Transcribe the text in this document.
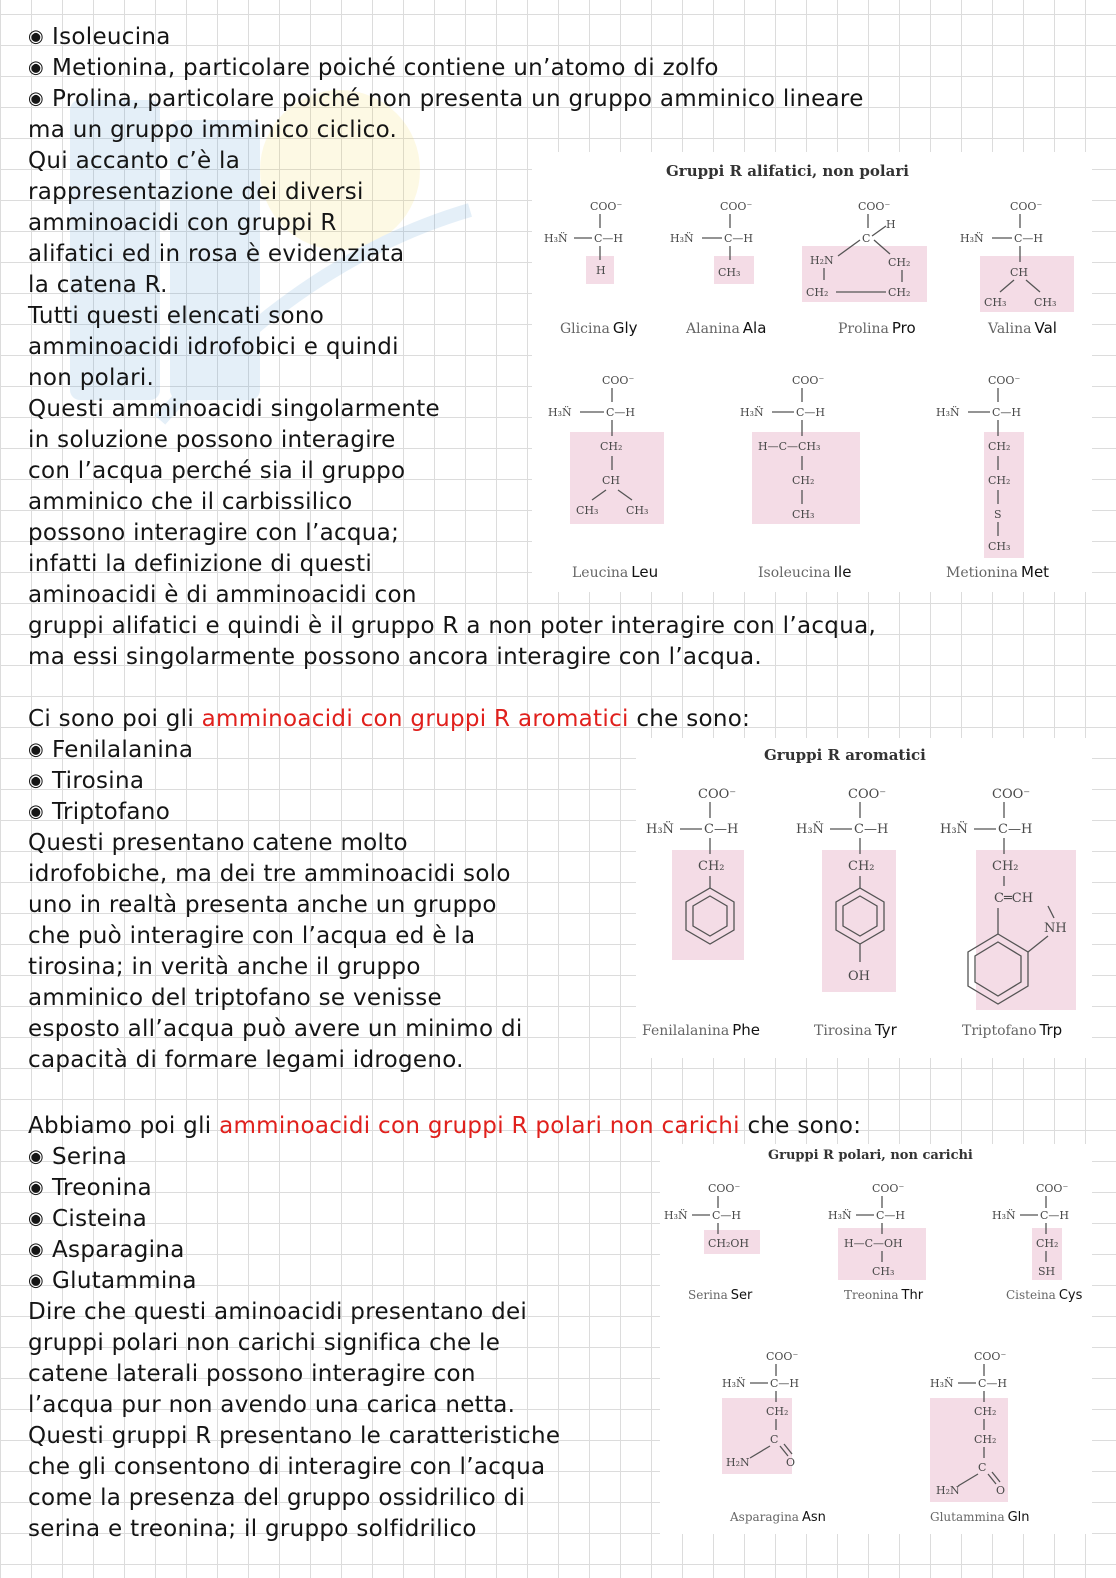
◉ Isoleucina
◉ Metionina, particolare poiché contiene un’atomo di zolfo
◉ Prolina, particolare poiché non presenta un gruppo amminico lineare
ma un gruppo imminico ciclico.
Qui accanto c’è la
rappresentazione dei diversi
amminoacidi con gruppi R
alifatici ed in rosa è evidenziata
la catena R.
Tutti questi elencati sono
amminoacidi idrofobici e quindi
non polari.
Questi amminoacidi singolarmente
in soluzione possono interagire
con l’acqua perché sia il gruppo
amminico che il carbissilico
possono interagire con l’acqua;
infatti la definizione di questi
aminoacidi è di amminoacidi con
gruppi alifatici e quindi è il gruppo R a non poter interagire con l’acqua,
ma essi singolarmente possono ancora interagire con l’acqua.
Ci sono poi gli amminoacidi con gruppi R aromatici che sono:
◉ Fenilalanina
◉ Tirosina
◉ Triptofano
Questi presentano catene molto
idrofobiche, ma dei tre amminoacidi solo
uno in realtà presenta anche un gruppo
che può interagire con l’acqua ed è la
tirosina; in verità anche il gruppo
amminico del triptofano se venisse
esposto all’acqua può avere un minimo di
capacità di formare legami idrogeno.
Abbiamo poi gli amminoacidi con gruppi R polari non carichi che sono:
◉ Serina
◉ Treonina
◉ Cisteina
◉ Asparagina
◉ Glutammina
Dire che questi aminoacidi presentano dei
gruppi polari non carichi significa che le
catene laterali possono interagire con
l’acqua pur non avendo una carica netta.
Questi gruppi R presentano le caratteristiche
che gli consentono di interagire con l’acqua
come la presenza del gruppo ossidrilico di
serina e treonina; il gruppo solfidrilico
Gruppi R alifatici, non polari
COO⁻
H₃N̈ C—H
H
COO⁻
H₃N̈	C—H
CH₃
COO⁻
C
H
H₂N	CH₂
CH₂	CH₂
COO⁻
H₃N̈	C—H
CH
CH₃	CH₃
COO⁻
H₃N̈	C—H
CH₂
CH
CH₃	CH₃
COO⁻
H₃N̈	C—H
H—C—CH₃
CH₂
CH₃
COO⁻
H₃N̈	C—H
CH₂
CH₂
S
CH₃
Glicina Gly	Alanina Ala	Prolina Pro	Valina Val
Leucina Leu	Isoleucina Ile	Metionina Met
Gruppi R aromatici
COO⁻
H₃N̈ C—H
CH₂
COO⁻
H₃N̈ C—H
CH₂
OH
COO⁻
H₃N̈ C—H
CH₂
C═CH
NH
Fenilalanina Phe	Tirosina Tyr	Triptofano Trp
Gruppi R polari, non carichi
COO⁻
H₃N̈ C—H
CH₂OH
COO⁻
H₃N̈ C—H
H—C—OH
CH₃
COO⁻
H₃N̈ C—H
CH₂
SH
COO⁻
H₃N̈ C—H
CH₂
C
H₂N	O
COO⁻
H₃N̈ C—H
CH₂
CH₂
C
H₂N	O
Serina Ser	Treonina Thr	Cisteina Cys
Asparagina Asn	Glutammina Gln
